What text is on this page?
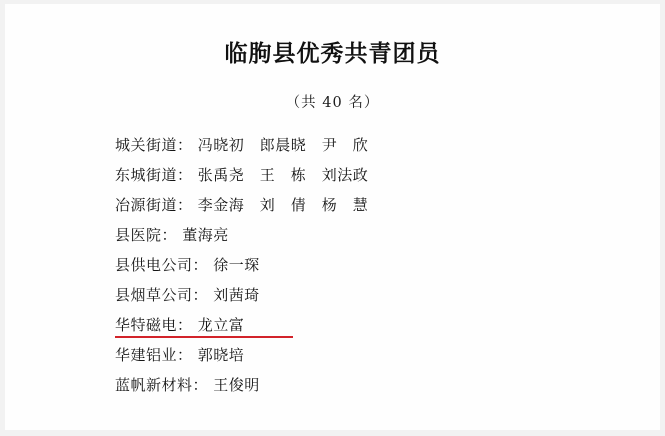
临朐县优秀共青团员

（共 40 名）

城关街道： 冯晓初　郎晨晓　尹　欣
东城街道： 张禹尧　王　栋　刘法政
冶源街道： 李金海　刘　倩　杨　慧
县医院： 董海亮
县供电公司： 徐一琛
县烟草公司： 刘茜琦
华特磁电： 龙立富
华建铝业： 郭晓培
蓝帆新材料： 王俊明
